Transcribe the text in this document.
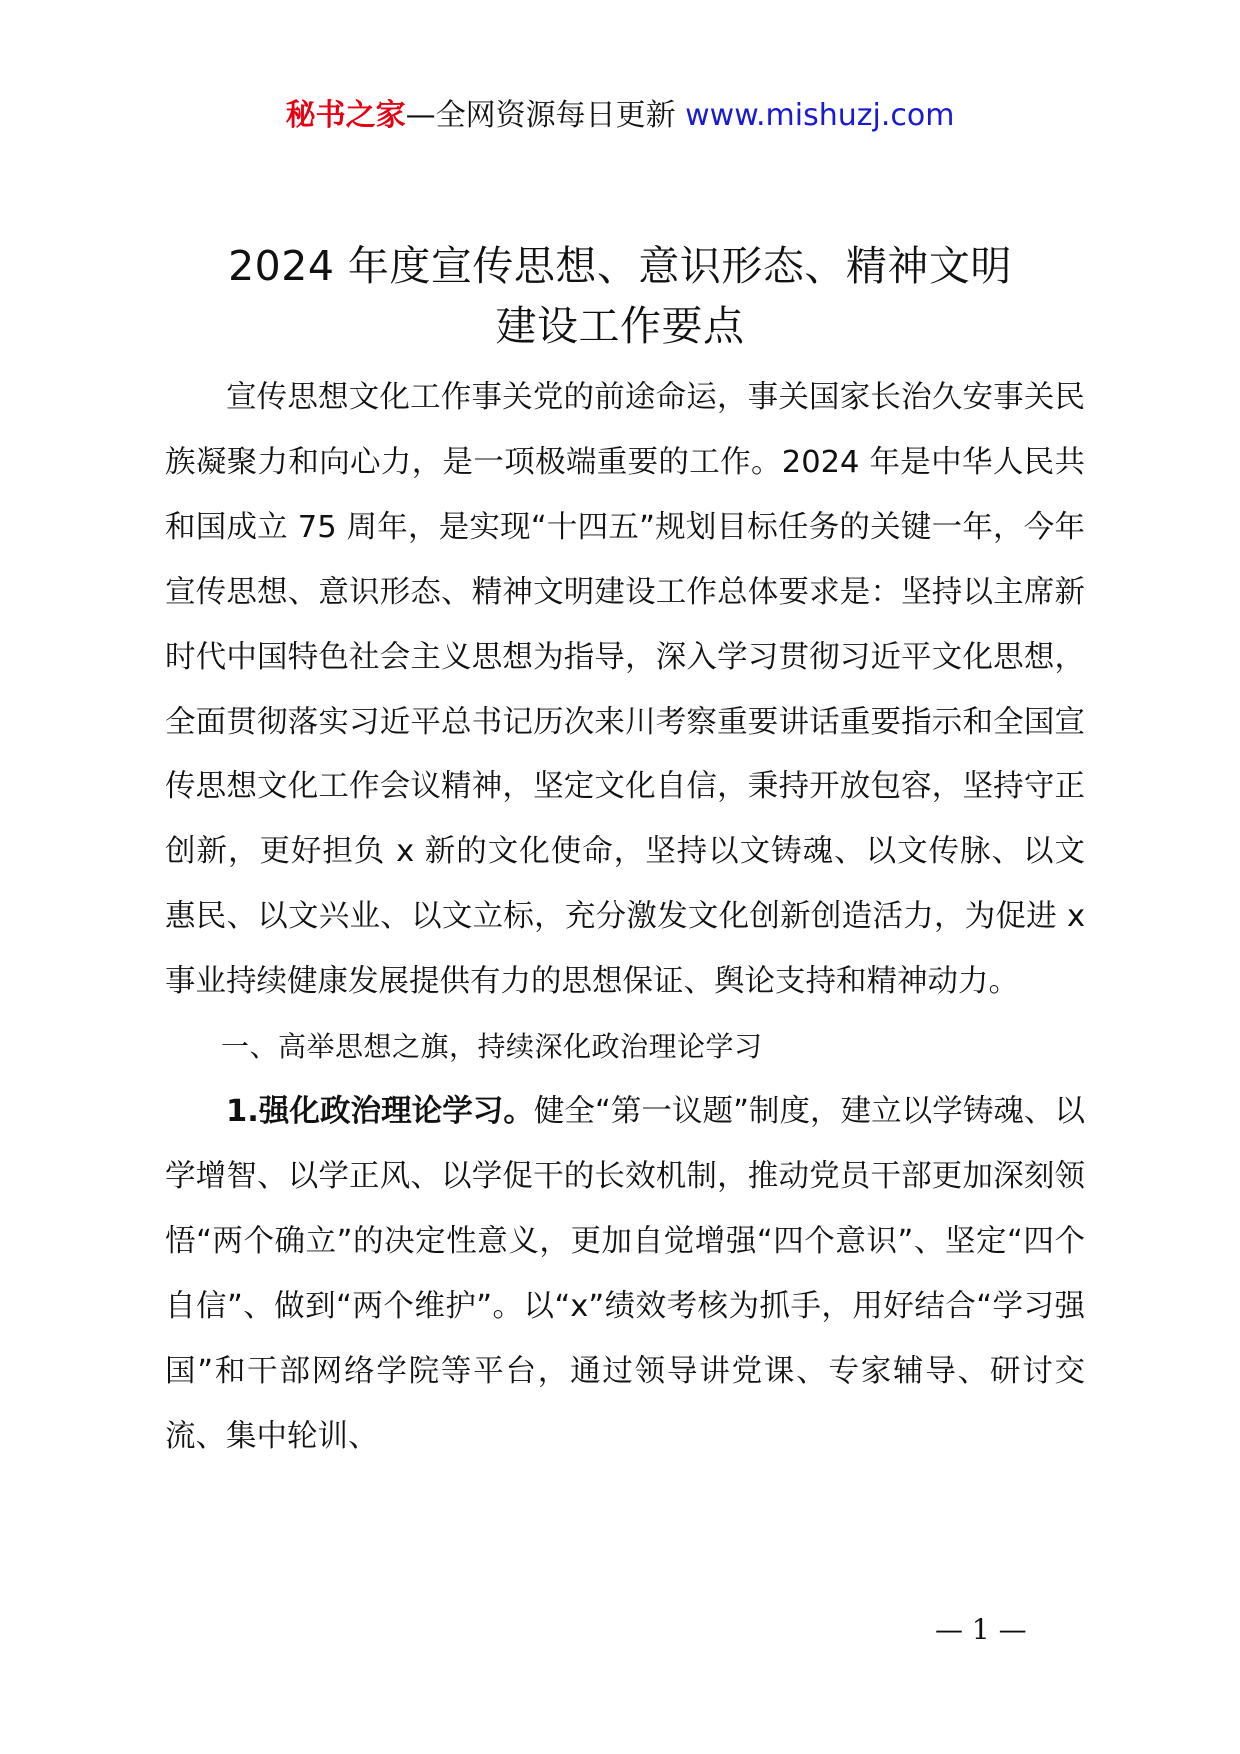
秘书之家—全网资源每日更新 www.mishuzj.com
2024 年度宣传思想、意识形态、精神文明
建设工作要点

宣传思想文化工作事关党的前途命运，事关国家长治久安事关民族凝聚力和向心力，是一项极端重要的工作。2024 年是中华人民共和国成立 75 周年，是实现“十四五”规划目标任务的关键一年，今年宣传思想、意识形态、精神文明建设工作总体要求是：坚持以主席新时代中国特色社会主义思想为指导，深入学习贯彻习近平文化思想，全面贯彻落实习近平总书记历次来川考察重要讲话重要指示和全国宣传思想文化工作会议精神，坚定文化自信，秉持开放包容，坚持守正创新，更好担负 x 新的文化使命，坚持以文铸魂、以文传脉、以文惠民、以文兴业、以文立标，充分激发文化创新创造活力，为促进 x 事业持续健康发展提供有力的思想保证、舆论支持和精神动力。

一、高举思想之旗，持续深化政治理论学习

1.强化政治理论学习。健全“第一议题”制度，建立以学铸魂、以学增智、以学正风、以学促干的长效机制，推动党员干部更加深刻领悟“两个确立”的决定性意义，更加自觉增强“四个意识”、坚定“四个自信”、做到“两个维护”。以“x”绩效考核为抓手，用好结合“学习强国”和干部网络学院等平台，通过领导讲党课、专家辅导、研讨交流、集中轮训、

— 1 —
